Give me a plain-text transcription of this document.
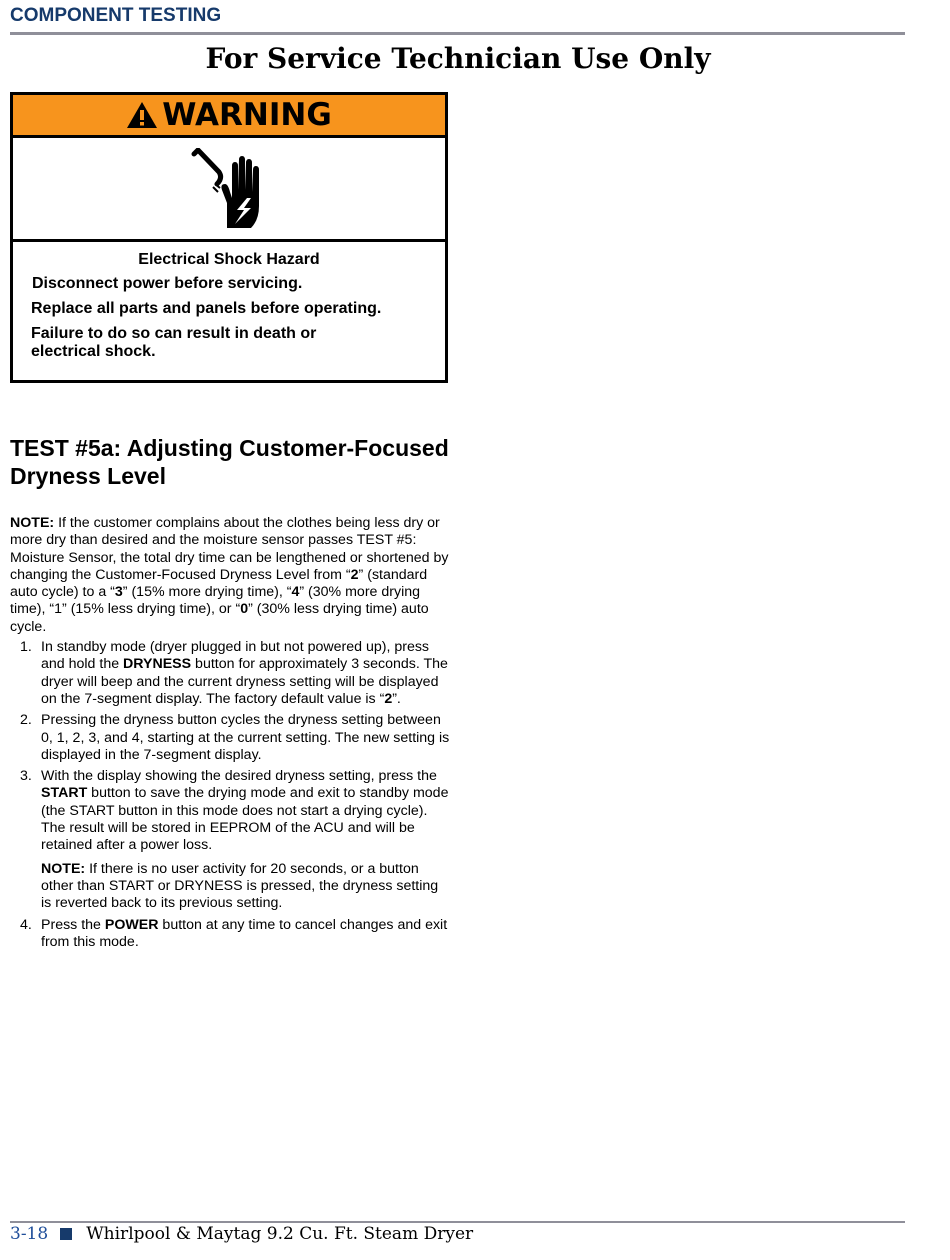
COMPONENT TESTING
For Service Technician Use Only
WARNING

Electrical Shock Hazard

Disconnect power before servicing.

Replace all parts and panels before operating.

Failure to do so can result in death or

electrical shock.

TEST #5a: Adjusting Customer-Focused
Dryness Level

NOTE: If the customer complains about the clothes being less dry or more dry than desired and the moisture sensor passes TEST #5: Moisture Sensor, the total dry time can be lengthened or shortened by changing the Customer-Focused Dryness Level from “2” (standard auto cycle) to a “3” (15% more drying time), “4” (30% more drying time), “1” (15% less drying time), or “0” (30% less drying time) auto cycle.

1. In standby mode (dryer plugged in but not powered up), press and hold the DRYNESS button for approximately 3 seconds. The dryer will beep and the current dryness setting will be displayed on the 7-segment display. The factory default value is “2”.
2. Pressing the dryness button cycles the dryness setting between 0, 1, 2, 3, and 4, starting at the current setting. The new setting is displayed in the 7-segment display.
3. With the display showing the desired dryness setting, press the START button to save the drying mode and exit to standby mode (the START button in this mode does not start a drying cycle). The result will be stored in EEPROM of the ACU and will be retained after a power loss.
NOTE: If there is no user activity for 20 seconds, or a button other than START or DRYNESS is pressed, the dryness setting is reverted back to its previous setting.
4. Press the POWER button at any time to cancel changes and exit from this mode.
3-18 Whirlpool & Maytag 9.2 Cu. Ft. Steam Dryer
